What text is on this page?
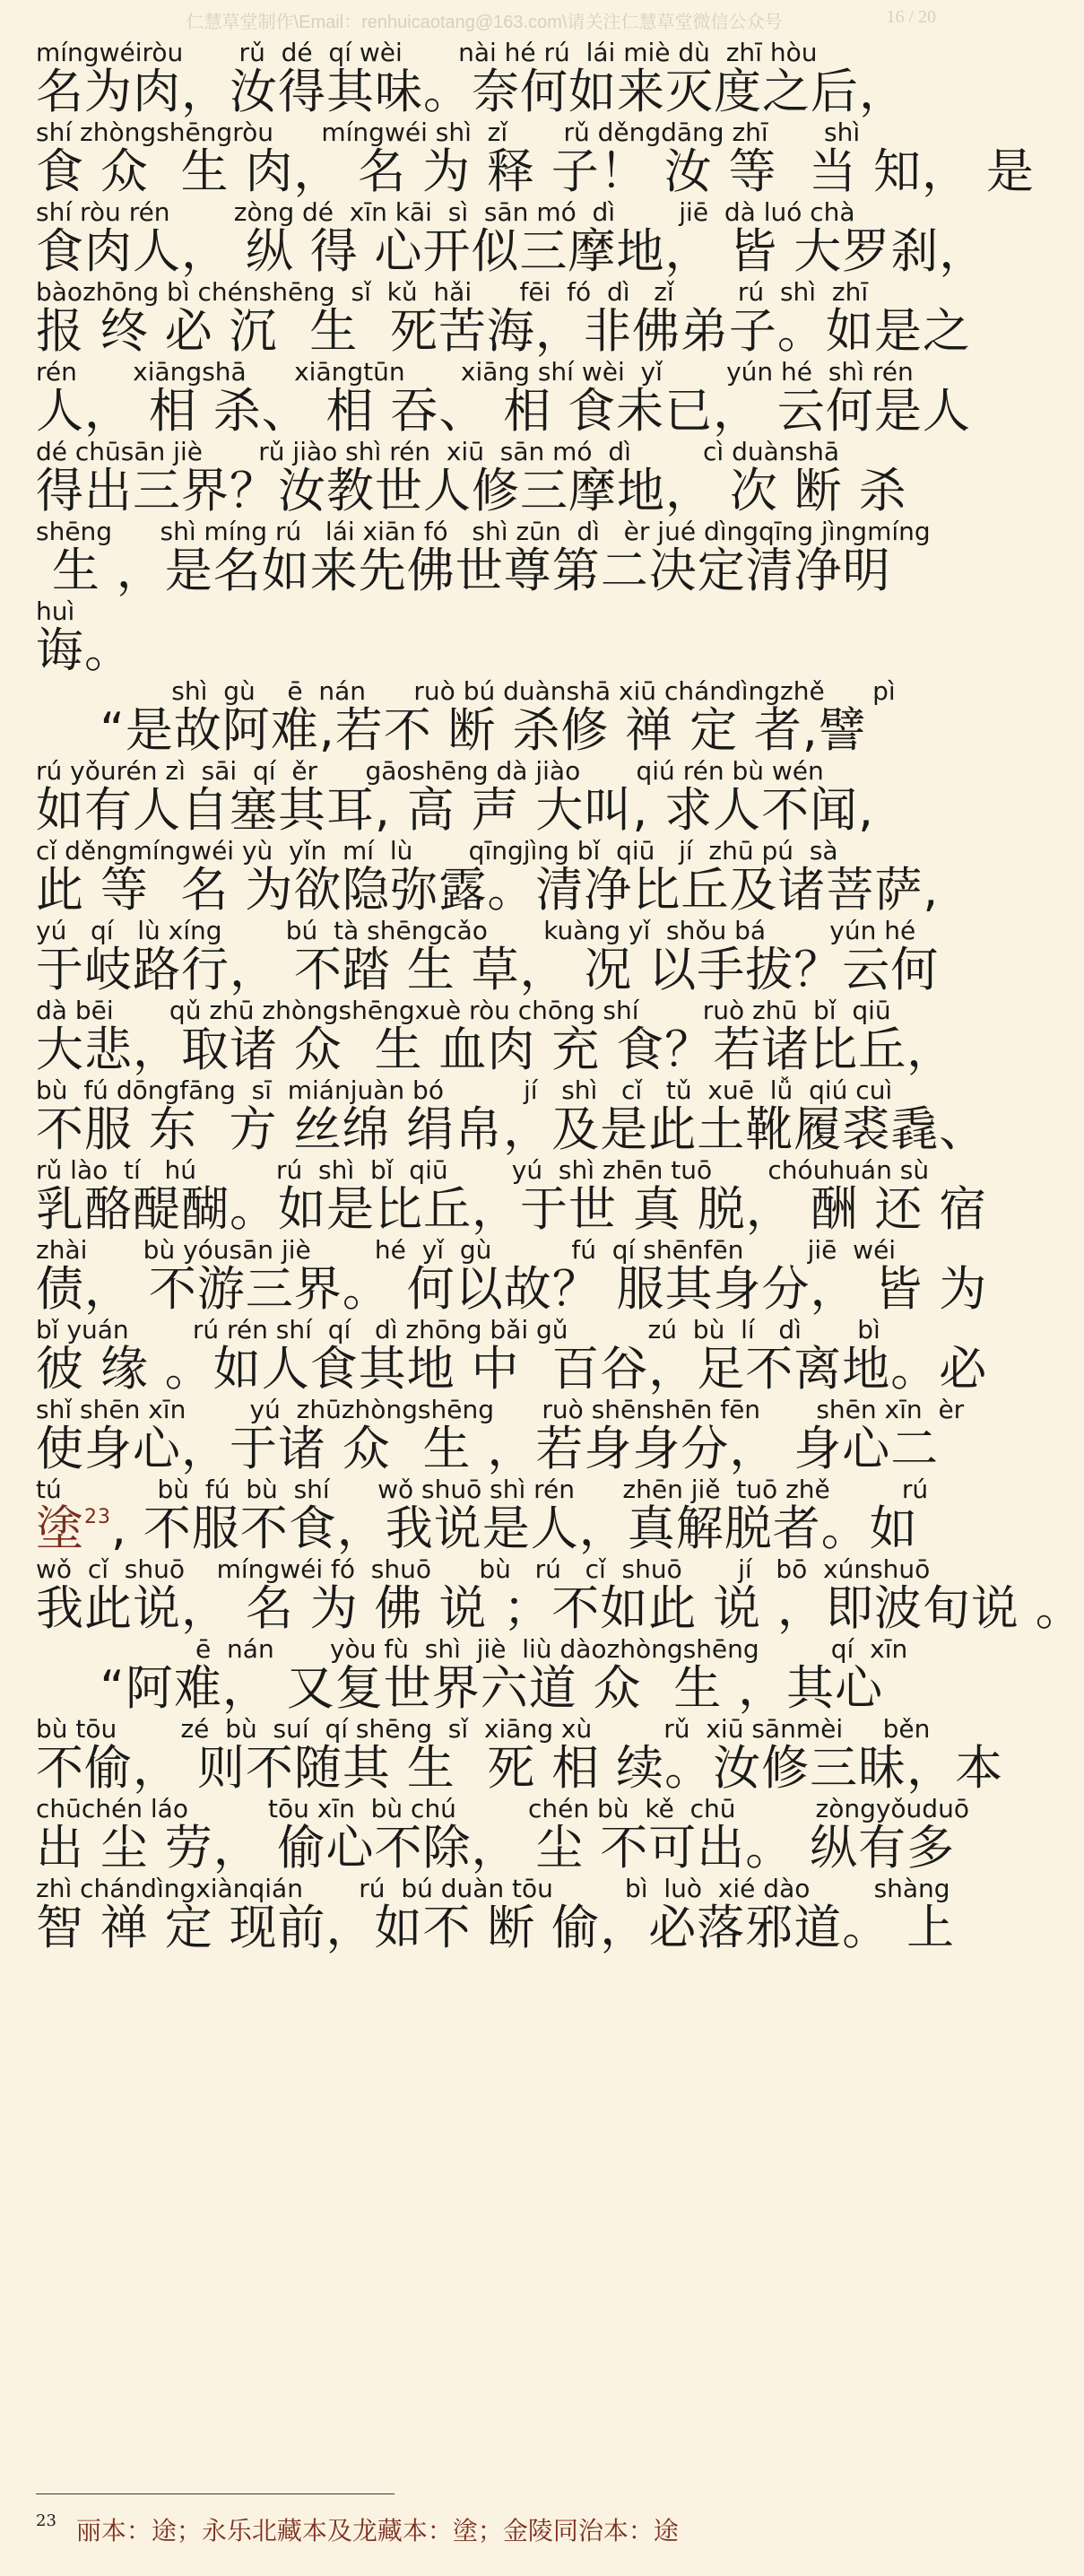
仁慧草堂制作\Email：renhuicaotang@163.com\请关注仁慧草堂微信公众号	16 / 20
míngwéiròu       rǔ  dé  qí wèi       nài hé rú  lái miè dù  zhī hòu
名为肉，汝得其味。奈何如来灭度之后，
shí zhòngshēngròu      míngwéi shì  zǐ       rǔ děngdāng zhī       shì
食 众  生 肉， 名 为 释 子！ 汝 等  当 知， 是
shí ròu rén        zòng dé  xīn kāi  sì  sān mó  dì        jiē  dà luó chà
食肉人， 纵 得 心开似三摩地， 皆 大罗刹，
bàozhōng bì chénshēng  sǐ  kǔ  hǎi      fēi  fó  dì   zǐ        rú  shì  zhī
报 终 必 沉  生  死苦海，非佛弟子。如是之
rén       xiāngshā      xiāngtūn       xiāng shí wèi  yǐ        yún hé  shì rén
人， 相 杀、 相 吞、 相 食未已， 云何是人
dé chūsān jiè       rǔ jiào shì rén  xiū  sān mó  dì         cì duànshā
得出三界？汝教世人修三摩地， 次 断 杀
shēng      shì míng rú   lái xiān fó   shì zūn  dì   èr jué dìngqīng jìngmíng
生 ，是名如来先佛世尊第二决定清净明
huì
诲。
shì  gù    ē  nán      ruò bú duànshā xiū chándìngzhě      pì
“是故阿难,若不 断 杀修 禅 定 者,譬
rú yǒurén zì  sāi  qí  ěr      gāoshēng dà jiào       qiú rén bù wén
如有人自塞其耳, 高 声 大叫, 求人不闻,
cǐ děngmíngwéi yù  yǐn  mí  lù       qīngjìng bǐ  qiū   jí  zhū pú  sà
此 等  名 为欲隐弥露。清净比丘及诸菩萨,
yú   qí   lù xíng        bú  tà shēngcǎo       kuàng yǐ  shǒu bá        yún hé
于岐路行， 不踏 生 草， 况 以手拔？云何
dà bēi       qǔ zhū zhòngshēngxuè ròu chōng shí        ruò zhū  bǐ  qiū
大悲，取诸 众  生 血肉 充 食？若诸比丘，
bù  fú dōngfāng  sī  miánjuàn bó          jí   shì   cǐ   tǔ  xuē  lǚ  qiú cuì
不服 东  方 丝绵 绢帛，及是此土靴履裘毳、
rǔ lào  tí   hú          rú  shì  bǐ  qiū        yú  shì zhēn tuō       chóuhuán sù
乳酪醍醐。如是比丘，于世 真 脱， 酬 还 宿
zhài       bù yóusān jiè        hé  yǐ  gù          fú  qí shēnfēn        jiē  wéi
债， 不游三界。 何以故？ 服其身分， 皆 为
bǐ yuán        rú rén shí  qí   dì zhōng bǎi gǔ          zú  bù  lí   dì       bì
彼 缘 。如人食其地 中  百谷，足不离地。必
shǐ shēn xīn        yú  zhūzhòngshēng      ruò shēnshēn fēn       shēn xīn  èr
使身心，于诸 众  生 ，若身身分， 身心二
tú            bù  fú  bù  shí      wǒ shuō shì rén      zhēn jiě  tuō zhě         rú
塗$^{23}$, 不服不食，我说是人，真解脱者。如
wǒ  cǐ  shuō    míngwéi fó  shuō      bù   rú   cǐ  shuō       jí   bō  xúnshuō
我此说， 名 为 佛 说 ；不如此 说 ，即波旬说 。
ē  nán       yòu fù  shì  jiè  liù dàozhòngshēng         qí  xīn
“阿难， 又复世界六道 众  生 ，其心
bù tōu        zé  bù  suí  qí shēng  sǐ  xiāng xù         rǔ  xiū sānmèi     běn
不偷， 则不随其 生  死 相 续。汝修三昧，本
chūchén láo          tōu xīn  bù chú         chén bù  kě  chū          zòngyǒuduō
出 尘 劳， 偷心不除， 尘 不可出。 纵有多
zhì chándìngxiànqián       rú  bú duàn tōu         bì  luò  xié dào        shàng
智 禅 定 现前，如不 断 偷，必落邪道。 上
$^{23}$ 丽本：途；永乐北藏本及龙藏本：塗；金陵同治本：途
